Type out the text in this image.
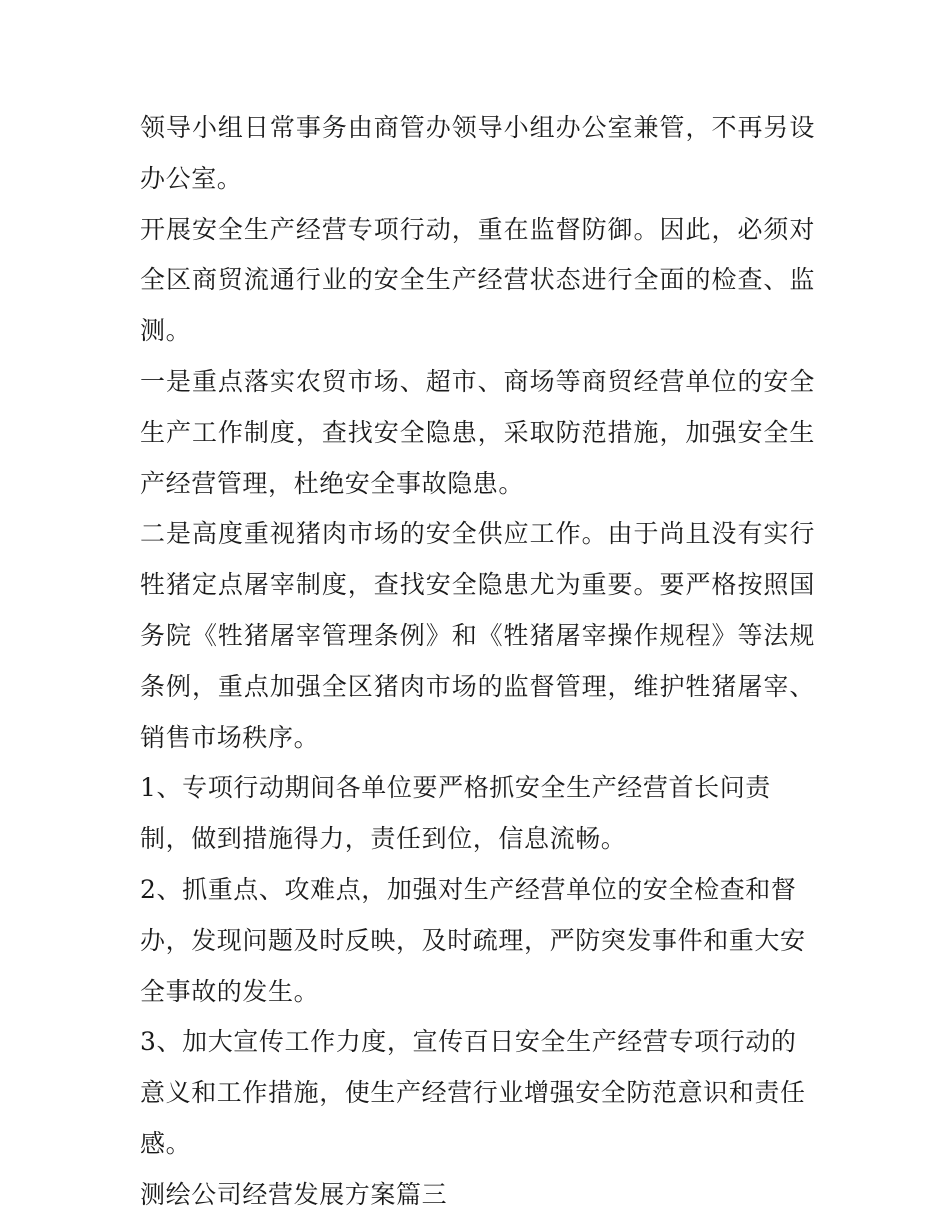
领导小组日常事务由商管办领导小组办公室兼管，不再另设办公室。

开展安全生产经营专项行动，重在监督防御。因此，必须对全区商贸流通行业的安全生产经营状态进行全面的检查、监测。

一是重点落实农贸市场、超市、商场等商贸经营单位的安全生产工作制度，查找安全隐患，采取防范措施，加强安全生产经营管理，杜绝安全事故隐患。

二是高度重视猪肉市场的安全供应工作。由于尚且没有实行牲猪定点屠宰制度，查找安全隐患尤为重要。要严格按照国务院《牲猪屠宰管理条例》和《牲猪屠宰操作规程》等法规条例，重点加强全区猪肉市场的监督管理，维护牲猪屠宰、销售市场秩序。

1、专项行动期间各单位要严格抓安全生产经营首长问责制，做到措施得力，责任到位，信息流畅。

2、抓重点、攻难点，加强对生产经营单位的安全检查和督办，发现问题及时反映，及时疏理，严防突发事件和重大安全事故的发生。

3、加大宣传工作力度，宣传百日安全生产经营专项行动的意义和工作措施，使生产经营行业增强安全防范意识和责任感。

测绘公司经营发展方案篇三
